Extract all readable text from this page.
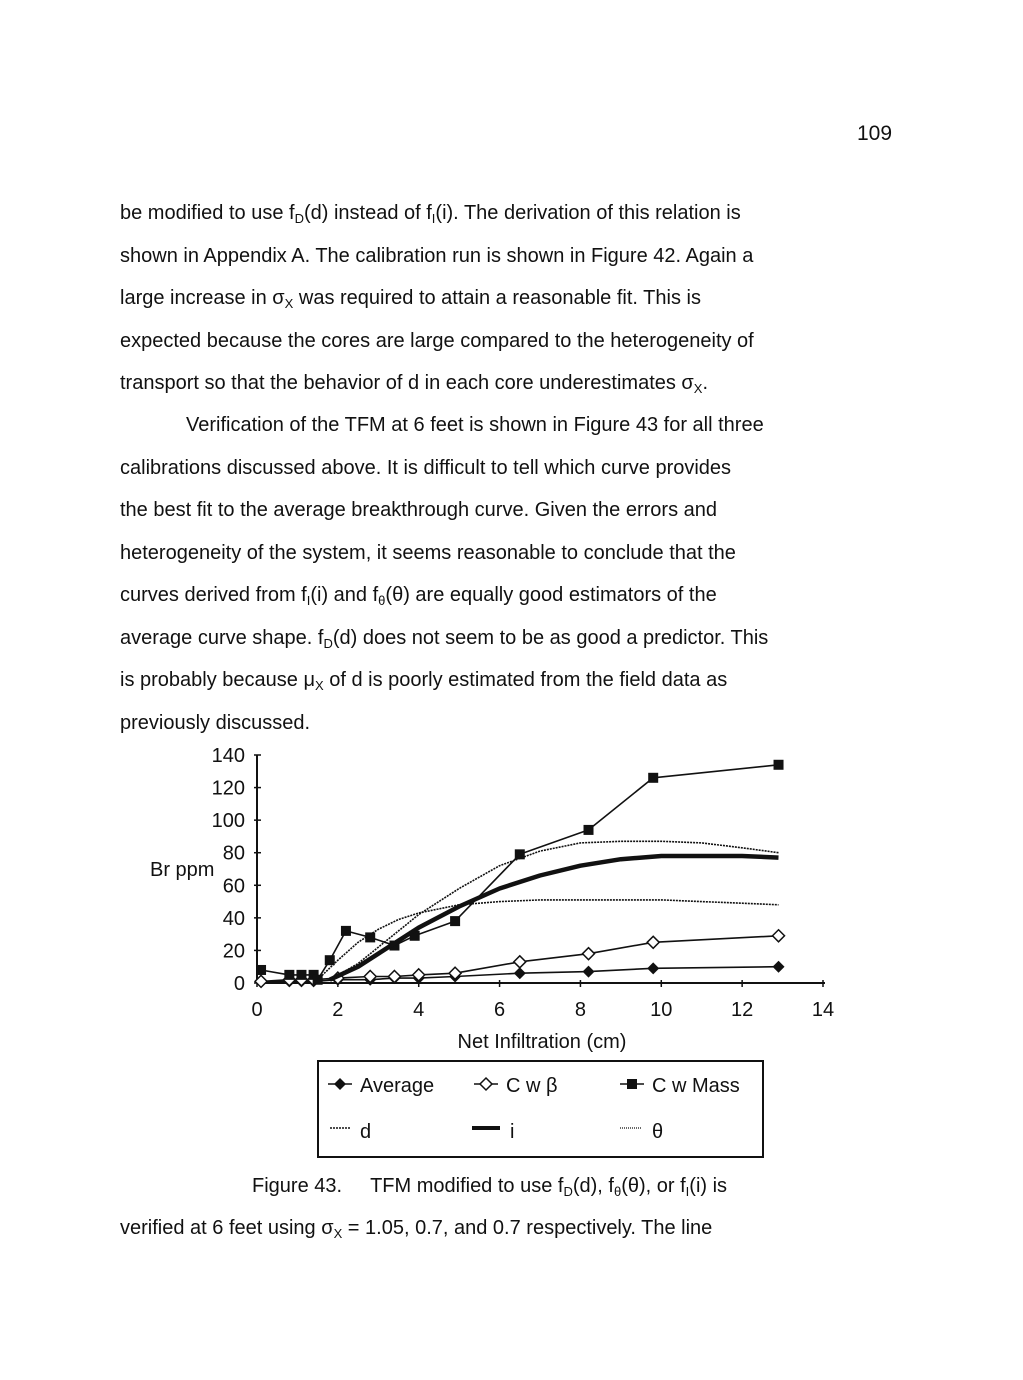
109

be modified to use $f_D(d)$ instead of $f_I(i)$. The derivation of this relation is
shown in Appendix A. The calibration run is shown in Figure 42. Again a
large increase in $\sigma_X$ was required to attain a reasonable fit. This is
expected because the cores are large compared to the heterogeneity of
transport so that the behavior of d in each core underestimates $\sigma_X$.

Verification of the TFM at 6 feet is shown in Figure 43 for all three
calibrations discussed above. It is difficult to tell which curve provides
the best fit to the average breakthrough curve. Given the errors and
heterogeneity of the system, it seems reasonable to conclude that the
curves derived from $f_I(i)$ and $f_\theta(\theta)$ are equally good estimators of the
average curve shape. $f_D(d)$ does not seem to be as good a predictor. This
is probably because $\mu_X$ of d is poorly estimated from the field data as
previously discussed.

0
20
40
60
80
100
120
140
0	2	4	6	8	10	12	14
Br ppm
Net Infiltration (cm)
Average	C w β	C w Mass
d	i	θ

Figure 43. TFM modified to use $f_D(d)$, $f_\theta(\theta)$, or $f_I(i)$ is
verified at 6 feet using $\sigma_X = 1.05$, 0.7, and 0.7 respectively. The line
